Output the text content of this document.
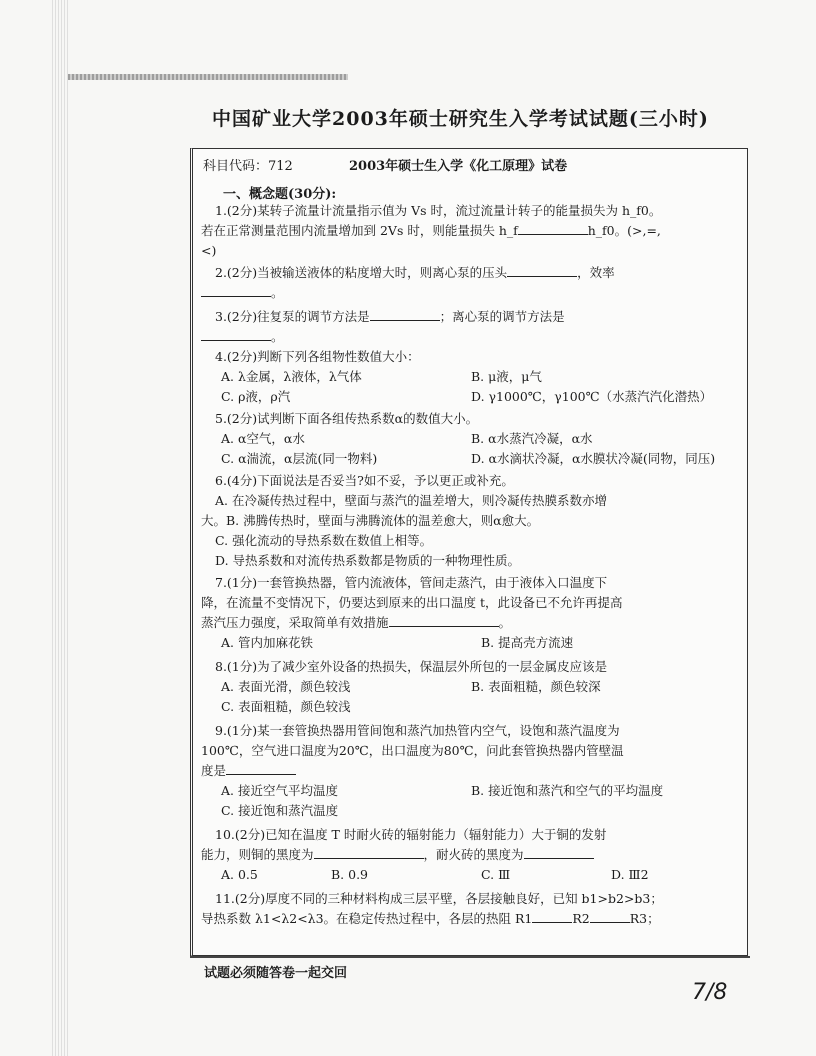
中国矿业大学2003年硕士研究生入学考试试题(三小时)
科目代码：712	2003年硕士生入学《化工原理》试卷
一、概念题(30分):
1.(2分)某转子流量计流量指示值为 Vs 时，流过流量计转子的能量损失为 h_f0。
若在正常测量范围内流量增加到 2Vs 时，则能量损失 h_f	h_f0。(>,=,
<)
2.(2分)当被输送液体的粘度增大时，则离心泵的压头	，效率
。
3.(2分)往复泵的调节方法是	；离心泵的调节方法是
。
4.(2分)判断下列各组物性数值大小：
A. λ金属，λ液体，λ气体	B. μ液，μ气
C. ρ液，ρ汽	D. γ1000℃，γ100℃（水蒸汽汽化潜热）
5.(2分)试判断下面各组传热系数α的数值大小。
A. α空气，α水	B. α水蒸汽冷凝，α水
C. α湍流，α层流(同一物料)	D. α水滴状冷凝，α水膜状冷凝(同物，同压)
6.(4分)下面说法是否妥当?如不妥，予以更正或补充。
A. 在冷凝传热过程中，壁面与蒸汽的温差增大，则冷凝传热膜系数亦增
大。B. 沸腾传热时，壁面与沸腾流体的温差愈大，则α愈大。
C. 强化流动的导热系数在数值上相等。
D. 导热系数和对流传热系数都是物质的一种物理性质。
7.(1分)一套管换热器，管内流液体，管间走蒸汽，由于液体入口温度下
降，在流量不变情况下，仍要达到原来的出口温度 t，此设备已不允许再提高
蒸汽压力强度，采取简单有效措施	。
A. 管内加麻花铁	B. 提高壳方流速
8.(1分)为了减少室外设备的热损失，保温层外所包的一层金属皮应该是
A. 表面光滑，颜色较浅	B. 表面粗糙，颜色较深
C. 表面粗糙，颜色较浅
9.(1分)某一套管换热器用管间饱和蒸汽加热管内空气，设饱和蒸汽温度为
100℃，空气进口温度为20℃，出口温度为80℃，问此套管换热器内管壁温
度是
A. 接近空气平均温度	B. 接近饱和蒸汽和空气的平均温度
C. 接近饱和蒸汽温度
10.(2分)已知在温度 T 时耐火砖的辐射能力（辐射能力）大于铜的发射
能力，则铜的黑度为	，耐火砖的黑度为
A. 0.5	B. 0.9	C. Ⅲ	D. Ⅲ2
11.(2分)厚度不同的三种材料构成三层平壁，各层接触良好，已知 b1>b2>b3；
导热系数 λ1<λ2<λ3。在稳定传热过程中，各层的热阻 R1	R2	R3；
试题必须随答卷一起交回
7/8
